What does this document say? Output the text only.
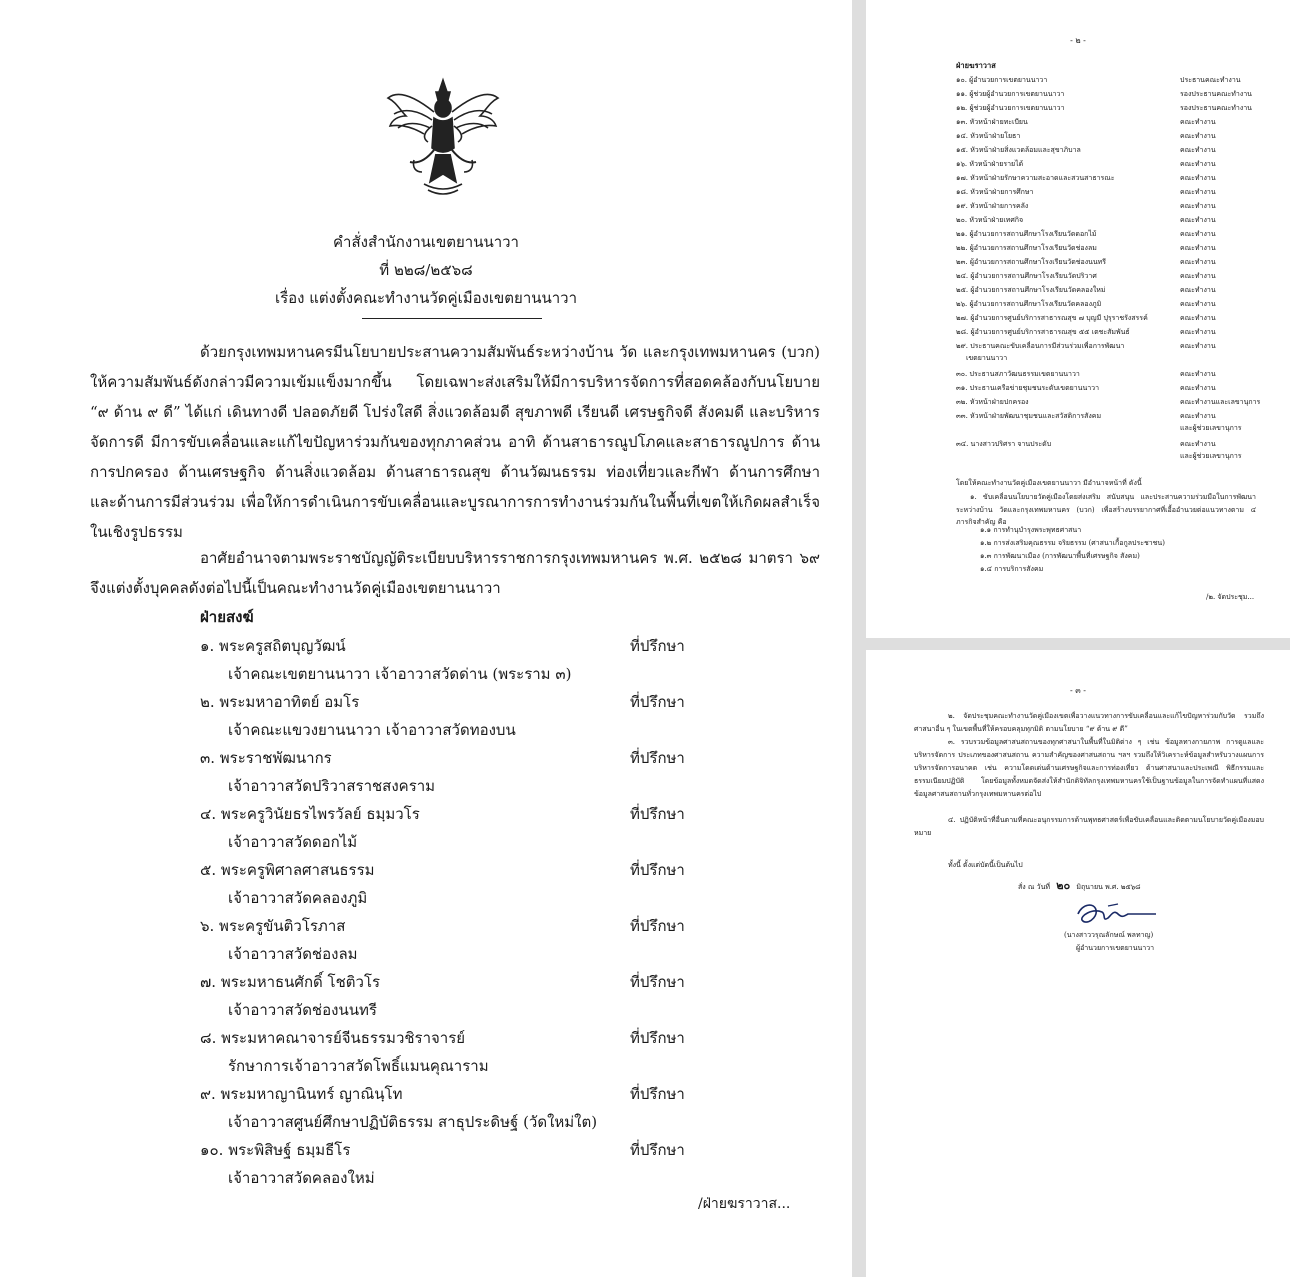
คำสั่งสำนักงานเขตยานนาวา
ที่ ๒๒๘/๒๕๖๘
เรื่อง แต่งตั้งคณะทำงานวัดคู่เมืองเขตยานนาวา
ด้วยกรุงเทพมหานครมีนโยบายประสานความสัมพันธ์ระหว่างบ้าน วัด และกรุงเทพมหานคร (บวก) ให้ความสัมพันธ์ดังกล่าวมีความเข้มแข็งมากขึ้น โดยเฉพาะส่งเสริมให้มีการบริหารจัดการที่สอดคล้องกับนโยบาย “๙ ด้าน ๙ ดี” ได้แก่ เดินทางดี ปลอดภัยดี โปร่งใสดี สิ่งแวดล้อมดี สุขภาพดี เรียนดี เศรษฐกิจดี สังคมดี และบริหารจัดการดี มีการขับเคลื่อนและแก้ไขปัญหาร่วมกันของทุกภาคส่วน อาทิ ด้านสาธารณูปโภคและสาธารณูปการ ด้านการปกครอง ด้านเศรษฐกิจ ด้านสิ่งแวดล้อม ด้านสาธารณสุข ด้านวัฒนธรรม ท่องเที่ยวและกีฬา ด้านการศึกษา และด้านการมีส่วนร่วม เพื่อให้การดำเนินการขับเคลื่อนและบูรณาการการทำงานร่วมกันในพื้นที่เขตให้เกิดผลสำเร็จในเชิงรูปธรรม
อาศัยอำนาจตามพระราชบัญญัติระเบียบบริหารราชการกรุงเทพมหานคร พ.ศ. ๒๕๒๘ มาตรา ๖๙ จึงแต่งตั้งบุคคลดังต่อไปนี้เป็นคณะทำงานวัดคู่เมืองเขตยานนาวา
ฝ่ายสงฆ์
๑. พระครูสถิตบุญวัฒน์	ที่ปรึกษา
เจ้าคณะเขตยานนาวา เจ้าอาวาสวัดด่าน (พระราม ๓)
๒. พระมหาอาทิตย์ อมโร	ที่ปรึกษา
เจ้าคณะแขวงยานนาวา เจ้าอาวาสวัดทองบน
๓. พระราชพัฒนากร	ที่ปรึกษา
เจ้าอาวาสวัดปริวาสราชสงคราม
๔. พระครูวินัยธรไพรวัลย์ ธมฺมวโร	ที่ปรึกษา
เจ้าอาวาสวัดดอกไม้
๕. พระครูพิศาลศาสนธรรม	ที่ปรึกษา
เจ้าอาวาสวัดคลองภูมิ
๖. พระครูขันติวโรภาส	ที่ปรึกษา
เจ้าอาวาสวัดช่องลม
๗. พระมหาธนศักดิ์ โชติวโร	ที่ปรึกษา
เจ้าอาวาสวัดช่องนนทรี
๘. พระมหาคณาจารย์จีนธรรมวชิราจารย์	ที่ปรึกษา
รักษาการเจ้าอาวาสวัดโพธิ์แมนคุณาราม
๙. พระมหาญานินทร์ ญาณินฺโท	ที่ปรึกษา
เจ้าอาวาสศูนย์ศึกษาปฏิบัติธรรม สาธุประดิษฐ์ (วัดใหม่ใต)
๑๐. พระพิสิษฐ์ ธมฺมธีโร	ที่ปรึกษา
เจ้าอาวาสวัดคลองใหม่
/ฝ่ายฆราวาส...
- ๒ -
ฝ่ายฆราวาส
๑๐. ผู้อำนวยการเขตยานนาวา	ประธานคณะทำงาน
๑๑. ผู้ช่วยผู้อำนวยการเขตยานนาวา	รองประธานคณะทำงาน
๑๒. ผู้ช่วยผู้อำนวยการเขตยานนาวา	รองประธานคณะทำงาน
๑๓. หัวหน้าฝ่ายทะเบียน	คณะทำงาน
๑๔. หัวหน้าฝ่ายโยธา	คณะทำงาน
๑๕. หัวหน้าฝ่ายสิ่งแวดล้อมและสุขาภิบาล	คณะทำงาน
๑๖. หัวหน้าฝ่ายรายได้	คณะทำงาน
๑๗. หัวหน้าฝ่ายรักษาความสะอาดและสวนสาธารณะ	คณะทำงาน
๑๘. หัวหน้าฝ่ายการศึกษา	คณะทำงาน
๑๙. หัวหน้าฝ่ายการคลัง	คณะทำงาน
๒๐. หัวหน้าฝ่ายเทศกิจ	คณะทำงาน
๒๑. ผู้อำนวยการสถานศึกษาโรงเรียนวัดดอกไม้	คณะทำงาน
๒๒. ผู้อำนวยการสถานศึกษาโรงเรียนวัดช่องลม	คณะทำงาน
๒๓. ผู้อำนวยการสถานศึกษาโรงเรียนวัดช่องนนทรี	คณะทำงาน
๒๔. ผู้อำนวยการสถานศึกษาโรงเรียนวัดปริวาศ	คณะทำงาน
๒๕. ผู้อำนวยการสถานศึกษาโรงเรียนวัดคลองใหม่	คณะทำงาน
๒๖. ผู้อำนวยการสถานศึกษาโรงเรียนวัดคลองภูมิ	คณะทำงาน
๒๗. ผู้อำนวยการศูนย์บริการสาธารณสุข ๗ บุญมี ปุรุราชรังสรรค์	คณะทำงาน
๒๘. ผู้อำนวยการศูนย์บริการสาธารณสุข ๕๕ เตชะสัมพันธ์	คณะทำงาน
๒๙. ประธานคณะขับเคลื่อนการมีส่วนร่วมเพื่อการพัฒนา
เขตยานนาวา
คณะทำงาน
๓๐. ประธานสภาวัฒนธรรมเขตยานนาวา	คณะทำงาน
๓๑. ประธานเครือข่ายชุมชนระดับเขตยานนาวา	คณะทำงาน
๓๒. หัวหน้าฝ่ายปกครอง	คณะทำงานและเลขานุการ
๓๓. หัวหน้าฝ่ายพัฒนาชุมชนและสวัสดิการสังคม	คณะทำงาน
และผู้ช่วยเลขานุการ
๓๔. นางสาวปริศรา จานประดับ	คณะทำงาน
และผู้ช่วยเลขานุการ
โดยให้คณะทำงานวัดคู่เมืองเขตยานนาวา มีอำนาจหน้าที่ ดังนี้
๑. ขับเคลื่อนนโยบายวัดคู่เมืองโดยส่งเสริม สนับสนุน และประสานความร่วมมือในการพัฒนาระหว่างบ้าน วัดและกรุงเทพมหานคร (บวก) เพื่อสร้างบรรยากาศที่เอื้ออำนวยต่อแนวทางตาม ๔ ภารกิจสำคัญ คือ
๑.๑ การทำนุบำรุงพระพุทธศาสนา
๑.๒ การส่งเสริมคุณธรรม จริยธรรม (ศาสนาเกื้อกูลประชาชน)
๑.๓ การพัฒนาเมือง (การพัฒนาพื้นที่เศรษฐกิจ สังคม)
๑.๔ การบริการสังคม
/๒. จัดประชุม...
- ๓ -
๒. จัดประชุมคณะทำงานวัดคู่เมืองเขตเพื่อวางแนวทางการขับเคลื่อนและแก้ไขปัญหาร่วมกับวัด รวมถึงศาสนาอื่น ๆ ในเขตพื้นที่ให้ครอบคลุมทุกมิติ ตามนโยบาย “๙ ด้าน ๙ ดี”
๓. รวบรวมข้อมูลศาสนสถานของทุกศาสนาในพื้นที่ในมิติต่าง ๆ เช่น ข้อมูลทางกายภาพ การดูแลและบริหารจัดการ ประเภทของศาสนสถาน ความสำคัญของศาสนสถาน ฯลฯ รวมถึงให้วิเคราะห์ข้อมูลสำหรับวางแผนการบริหารจัดการอนาคต เช่น ความโดดเด่นด้านเศรษฐกิจและการท่องเที่ยว ด้านศาสนาและประเพณี พิธีกรรมและธรรมเนียมปฏิบัติ โดยข้อมูลทั้งหมดจัดส่งให้สำนักดิจิทัลกรุงเทพมหานครใช้เป็นฐานข้อมูลในการจัดทำแผนที่แสดงข้อมูลศาสนสถานทั่วกรุงเทพมหานครต่อไป
๔. ปฏิบัติหน้าที่อื่นตามที่คณะอนุกรรมการด้านพุทธศาสตร์เพื่อขับเคลื่อนและติดตามนโยบายวัดคู่เมืองมอบหมาย
ทั้งนี้ ตั้งแต่บัดนี้เป็นต้นไป
สั่ง ณ วันที่ ๒๐ มิถุนายน พ.ศ. ๒๕๖๘
(นางสาววรุณลักษณ์ พลทาญ)
ผู้อำนวยการเขตยานนาวา
